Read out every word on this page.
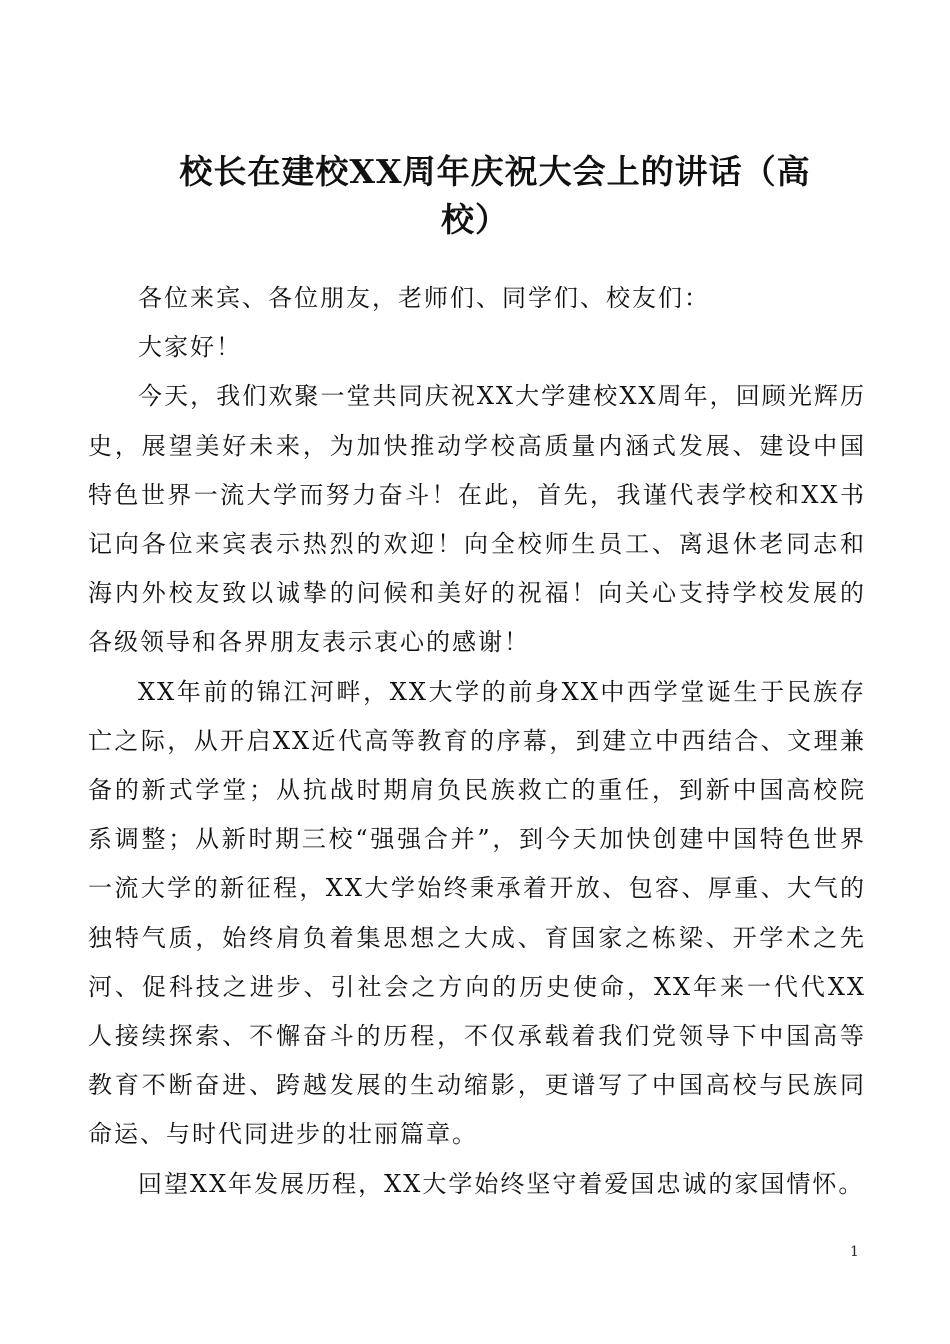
校长在建校XX周年庆祝大会上的讲话（高
校）

各位来宾、各位朋友，老师们、同学们、校友们：

大家好！

今天，我们欢聚一堂共同庆祝XX大学建校XX周年，回顾光辉历史，展望美好未来，为加快推动学校高质量内涵式发展、建设中国特色世界一流大学而努力奋斗！在此，首先，我谨代表学校和XX书记向各位来宾表示热烈的欢迎！向全校师生员工、离退休老同志和海内外校友致以诚挚的问候和美好的祝福！向关心支持学校发展的各级领导和各界朋友表示衷心的感谢！

XX年前的锦江河畔，XX大学的前身XX中西学堂诞生于民族存亡之际，从开启XX近代高等教育的序幕，到建立中西结合、文理兼备的新式学堂；从抗战时期肩负民族救亡的重任，到新中国高校院系调整；从新时期三校“强强合并”，到今天加快创建中国特色世界一流大学的新征程，XX大学始终秉承着开放、包容、厚重、大气的独特气质，始终肩负着集思想之大成、育国家之栋梁、开学术之先河、促科技之进步、引社会之方向的历史使命，XX年来一代代XX人接续探索、不懈奋斗的历程，不仅承载着我们党领导下中国高等教育不断奋进、跨越发展的生动缩影，更谱写了中国高校与民族同命运、与时代同进步的壮丽篇章。

回望XX年发展历程，XX大学始终坚守着爱国忠诚的家国情怀。

1
